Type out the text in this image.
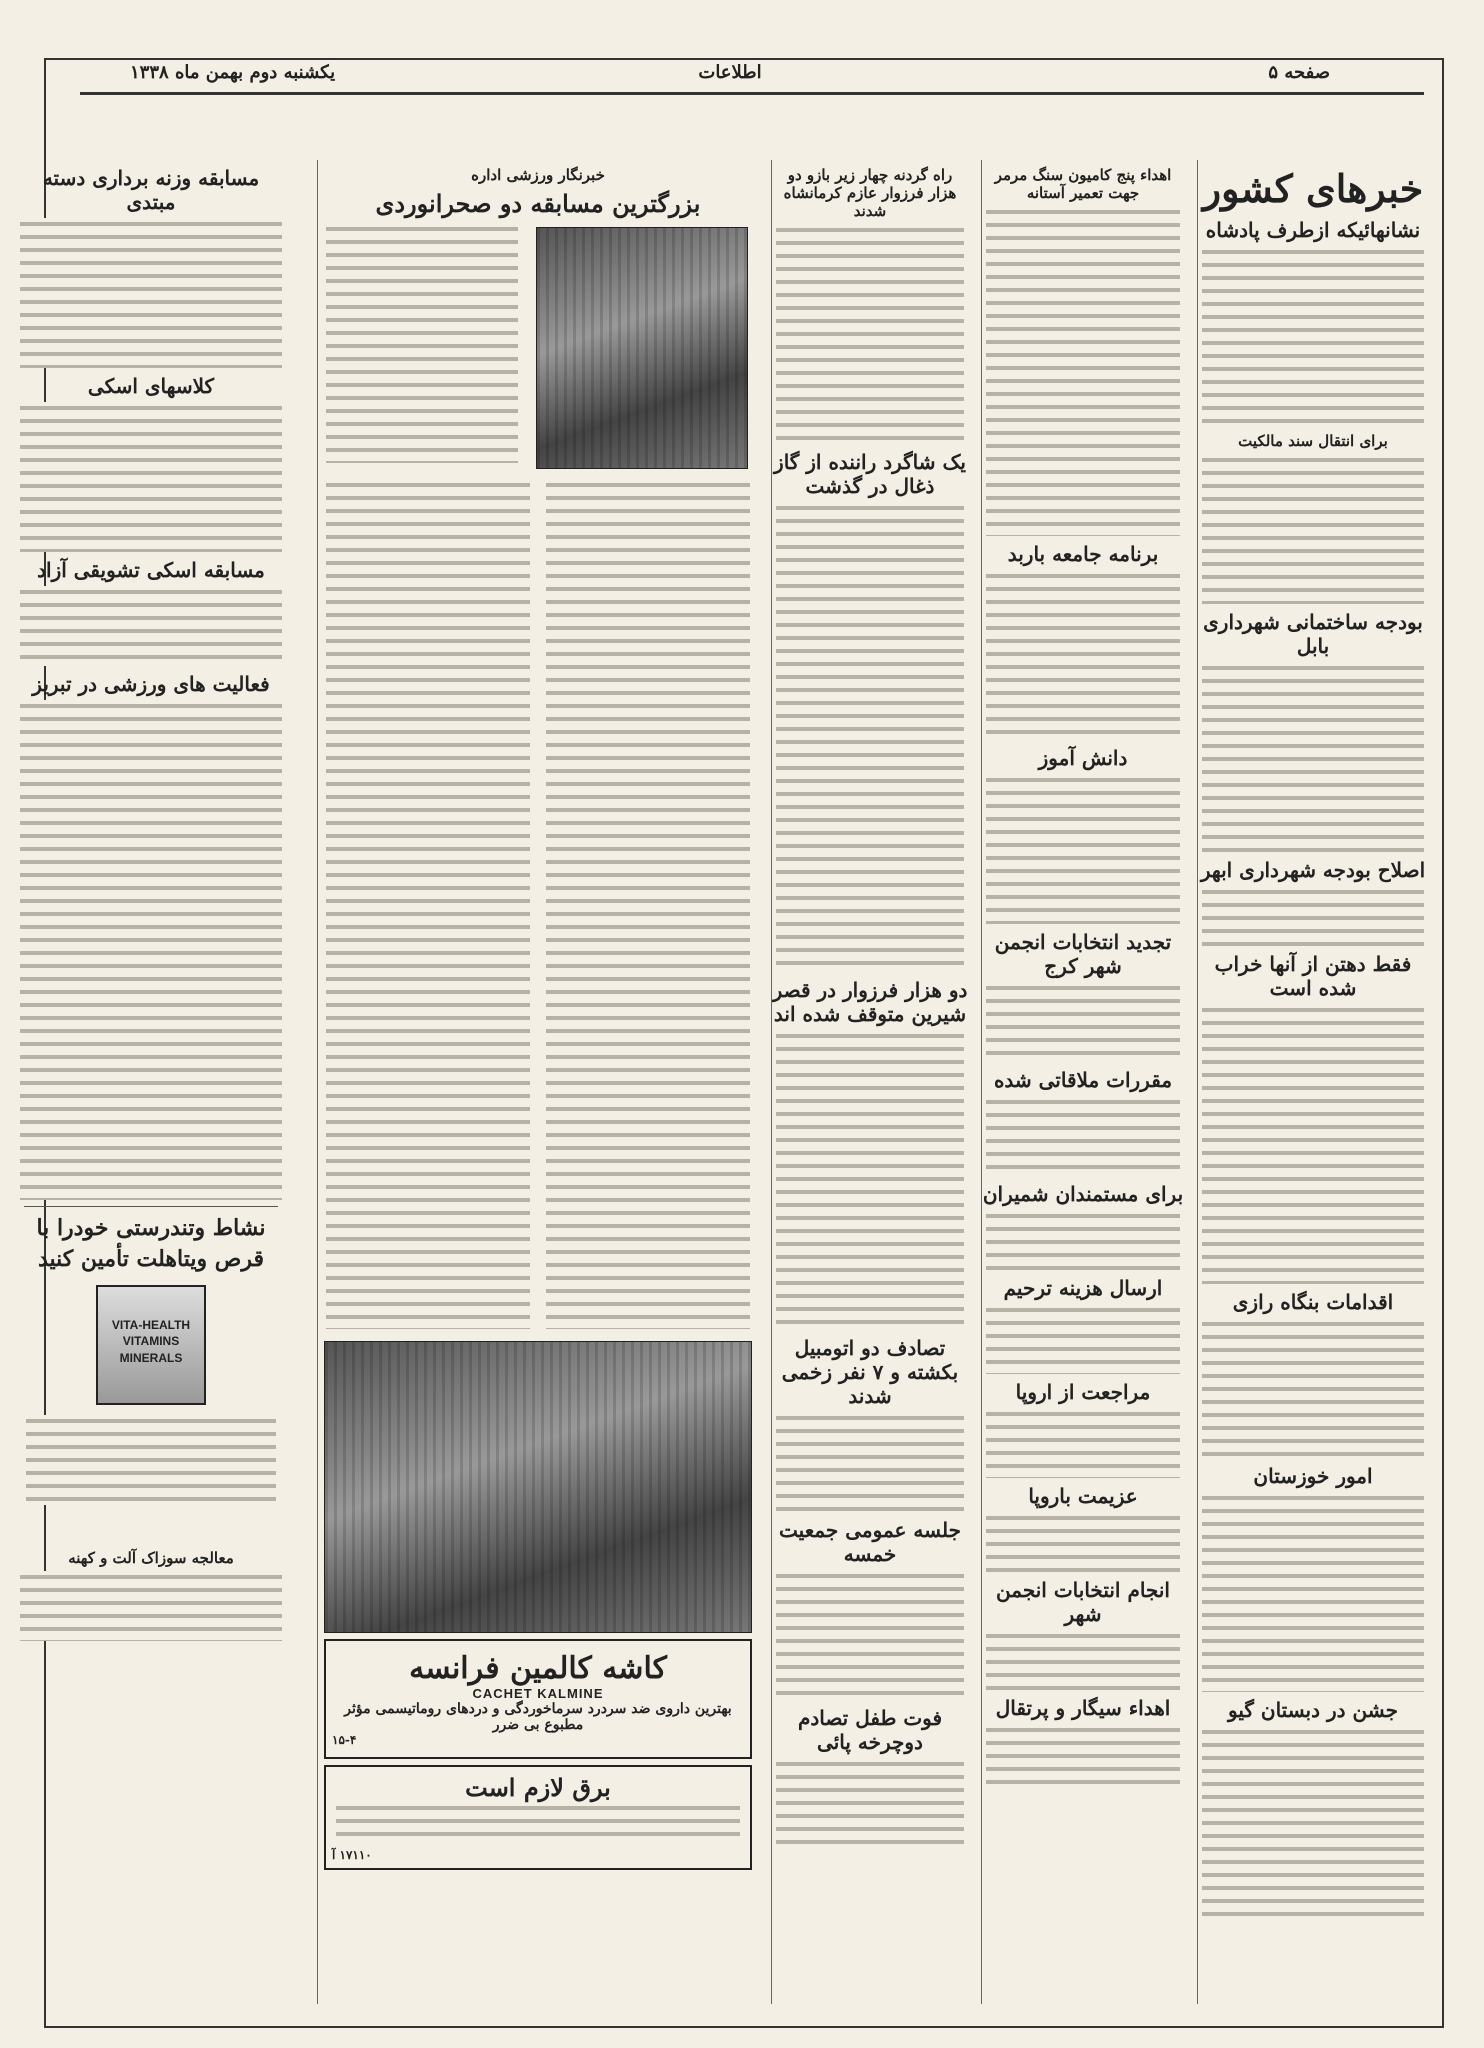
صفحه ۵
اطلاعات
یکشنبه دوم بهمن ماه ۱۳۳۸
خبرهای کشور
نشانهائیکه ازطرف پادشاه
برای انتقال سند مالکیت
بودجه ساختمانی شهرداری بابل
اصلاح بودجه شهرداری ابهر
فقط دهتن از آنها خراب شده است
اقدامات بنگاه رازی
امور خوزستان
جشن در دبستان گیو
اهداء پنج کامیون سنگ مرمر جهت تعمیر آستانه
برنامه جامعه باربد
دانش آموز
تجدید انتخابات انجمن شهر کرج
مقررات ملاقاتی شده
برای مستمندان شمیران
ارسال هزینه ترحیم
مراجعت از اروپا
عزیمت باروپا
انجام انتخابات انجمن شهر
اهداء سیگار و پرتقال
راه گردنه چهار زیر بازو دو هزار فرزوار عازم کرمانشاه شدند
یک شاگرد راننده از گاز ذغال در گذشت
دو هزار فرزوار در قصر شیرین متوقف شده اند
تصادف دو اتومبیل بکشته و ۷ نفر زخمی شدند
جلسه عمومی جمعیت خمسه
فوت طفل تصادم دوچرخه پائی
خبرنگار ورزشی اداره
بزرگترین مسابقه دو صحرانوردی
کاشه کالمین فرانسه
CACHET KALMINE
بهترین داروی ضد سردرد سرماخوردگی و دردهای روماتیسمی مؤثر مطبوع بی ضرر
۱۵-۴
برق لازم است
۱۷۱۱۰ آ
مسابقه وزنه برداری دسته مبتدی
کلاسهای اسکی
مسابقه اسکی تشویقی آزاد
فعالیت های ورزشی در تبریز
نشاط وتندرستی خودرا با قرص ویتاهلت تأمین کنید
VITA-HEALTH VITAMINS MINERALS
معالجه سوزاک آلت و کهنه
